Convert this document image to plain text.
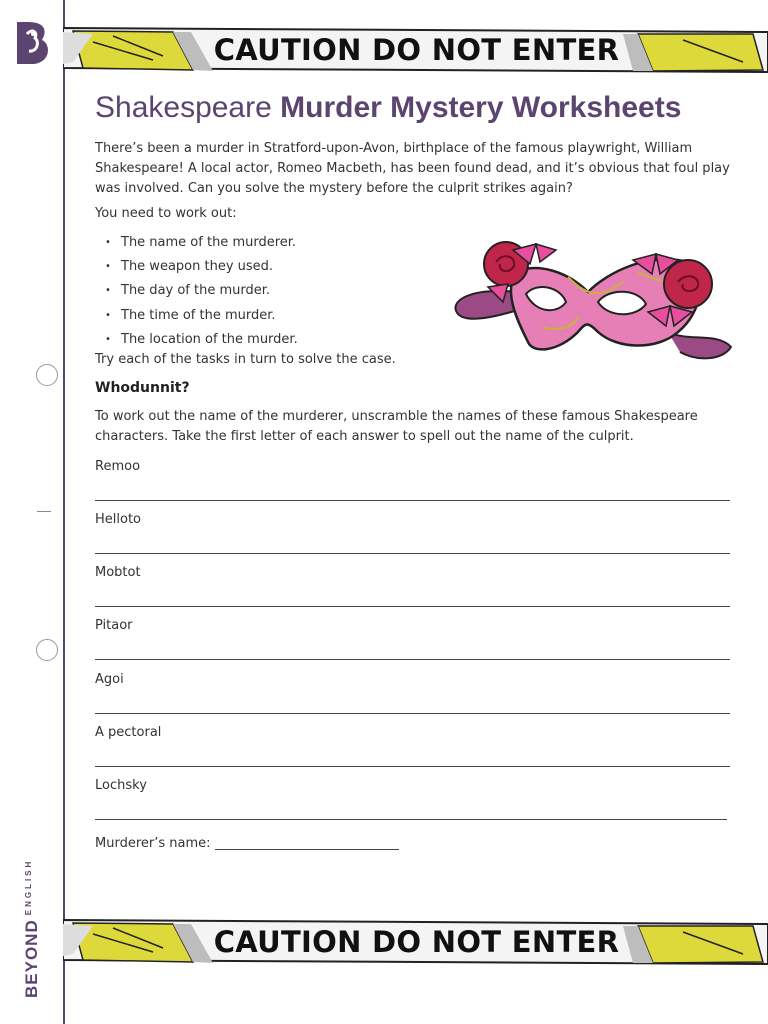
$BEYOND^{ENGLISH}$
CAUTION DO NOT ENTER
Shakespeare Murder Mystery Worksheets

There’s been a murder in Stratford-upon-Avon, birthplace of the famous playwright, William Shakespeare! A local actor, Romeo Macbeth, has been found dead, and it’s obvious that foul play was involved. Can you solve the mystery before the culprit strikes again?

You need to work out:

• The name of the murderer.
• The weapon they used.
• The day of the murder.
• The time of the murder.
• The location of the murder.

Try each of the tasks in turn to solve the case.

Whodunnit?

To work out the name of the murderer, unscramble the names of these famous Shakespeare characters. Take the first letter of each answer to spell out the name of the culprit.

Remoo
Helloto
Mobtot
Pitaor
Agoi
A pectoral
Lochsky
Murderer’s name:
CAUTION DO NOT ENTER
